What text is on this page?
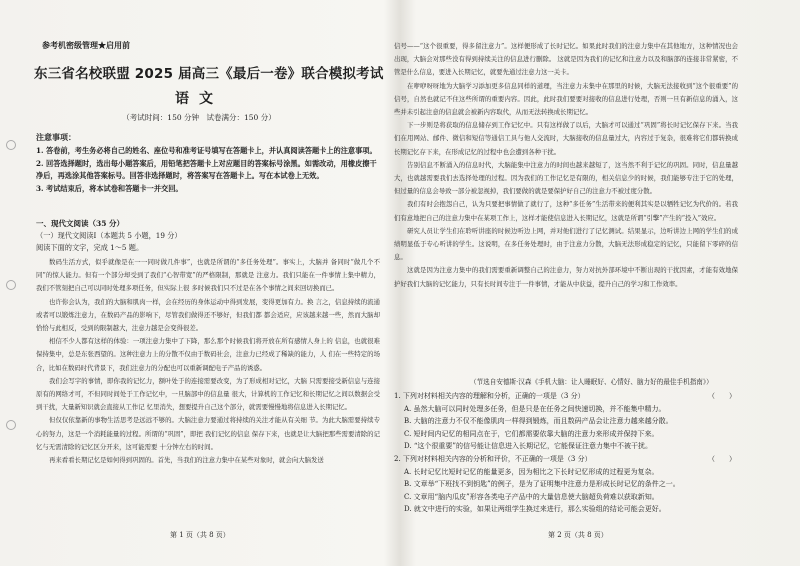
参考机密级管理★启用前
东三省名校联盟 2025 届高三《最后一卷》联合模拟考试
语文
（考试时间：150 分钟　试卷满分：150 分）
注意事项：

1. 答卷前，考生务必将自己的姓名、座位号和准考证号填写在答题卡上，并认真阅读答题卡上的注意事项。

2. 回答选择题时，选出每小题答案后，用铅笔把答题卡上对应题目的答案标号涂黑。如需改动，用橡皮擦干净后，再选涂其他答案标号。回答非选择题时，将答案写在答题卡上。写在本试卷上无效。

3. 考试结束后，将本试卷和答题卡一并交回。

一、现代文阅读（35 分）
（一）现代文阅读Ⅰ（本题共 5 小题，19 分）
阅读下面的文字，完成 1～5 题。

数码生活方式，似乎就像是在一一同时做几件事”，也就是所谓的“多任务处理”。事实上，大脑并 备同时“做几个不同”的惊人能力。但有一个部分却受到了我们“心智带宽”的严格限制，那就是 注意力。我们只能在一件事情上集中精力，我们不管刻把自己可以同时处理多项任务，但实际上很 多时候我们只不过是在各个事情之间来回切换而已。

也许你会认为，我们的大脑和肌肉一样，会在经历的身体运动中得到发展，变得更加有力。换 言之，信息持续的流通或者可以锻炼注意力，在数码产品的影响下，尽管我们做得还不够好，但我们都 都会适应，应该越来越一些，然而大脑却恰恰与此相反，受到的限制越大，注意力越是会变得很差。

相信不少人都有这样的体验：一项注意力集中了下降，那么那个时候我们将开放在所有感情人身上的 信息，也就很难保持集中，总是东张西望的。这种注意力上的分散不仅由于数码社会，注意力已经成了稀缺的能力，人 们在一些特定的场合，比如在数码时代背景下，我们注意力的分配也可以重新调配电子产品的诱惑。

我们会写字的事情，即你我的记忆力，额叶处于的连接需要改变，为了形成相对记忆，大脑 只需要接受新信息与连接原有的网络才可，不但同时间处于工作记忆中，一旦脑部中的信息量 很大，计算机的工作记忆和长期记忆之间以数据会受到干扰，大量新知识就会直接从工作记 忆里消失，想要提升自己这个部分，就需要慢慢地将信息进入长期记忆。

但仅仅依靠新的事物生活思考是远远不够的。大脑注意力要通过将持续的关注才能从有关细 节。为此大脑需要持续专心的努力，这是一个消耗能量的过程。所谓的“巩固”，即把 我们记忆的信息 保存下来，也就是让大脑把那些需要清除的记忆与无需清除的记忆区分开来，这可能需要 十分钟左右的时间。

再来看看长期记忆是如何得到巩固的。首先，当我们的注意力集中在某些对象时，就会向大脑发送

第 1 页（共 8 页）

信号——“这个很重要，得多留注意力”。这样便形成了长时记忆。如果此时我们的注意力集中在其他地方，这种情况也会出现，大脑会对那些没有得到持续关注的信息进行删除。 这就是因为我们的记忆和注意力以及和脑部的连接非常紧密，不管是什么信息，要进入长期记忆，就要先通过注意力这一关卡。

在咿咿呀呀地为大脑学习添加更多信息同样的道理，当注意力未集中在那里的时候，大脑无法接收到“这个很重要”的信号，自然也就记不住这些所谓的重要内容。因此，此时我们要要对接收的信息进行处理，否则一旦有新信息的涌入，这些并未引起注意的信息就会被新内容取代，从而无法转换成长期记忆。

下一步则是将获取的信息储存到工作记忆中。只有这样做了以后，大脑才可以通过“巩固”将长时记忆保存下来。当我们在用网站、邮件、微信和短信等通信工具与他人交流时，大脑接收的信息量过大，内容过于复杂，很难将它们都转换成长期记忆存下来，在形成记忆的过程中也会遭到各种干扰。

告别信息不断涌入的信息时代，大脑能集中注意力的时间也越来越短了，这当然不利于记忆的巩固。同时，信息量越大，也就越需要我们去选择处理的过程。因为我们的工作记忆是有限的，相关信息少的时候，我们能够专注于它的处理，但过量的信息会导致一部分被忽视掉，我们要做的就是要保护好自己的注意力不被过度分散。

我们有时会抱怨自己，认为只要把事情做了就行了，这种“多任务”生活带来的便利其实是以牺牲记忆为代价的。若我们有意地把自己的注意力集中在某项工作上，这样才能使信息进入长期记忆，这就是所谓“引擎”产生的“投入”效应。

研究人员让学生们在聆听讲座的时候边听边上网，并对他们进行了记忆测试。结果显示，边听讲边上网的学生们的成绩明显低于专心听讲的学生。这说明，在多任务处理时，由于注意力分散，大脑无法形成稳定的记忆，只能留下零碎的信息。

这就是因为注意力集中的我们需要重新调整自己的注意力，努力对抗外部环境中不断出现的干扰因素，才能有效地保护好我们大脑的记忆能力，只有长时间专注于一件事情，才能从中获益，提升自己的学习和工作效率。

（节选自安德斯·汉森《手机大脑：让人睡眠好、心情好、脑力好的最佳手机指南》）
1. 下列对材料相关内容的理解和分析，正确的一项是（3 分）	（　　）
A. 虽然大脑可以同时处理多任务，但是只是在任务之间快速切换，并不能集中精力。
B. 大脑的注意力不仅不能像肌肉一样得到锻炼，而且数码产品会让注意力越来越分散。
C. 短时间内记忆的相同点在于，它们都需要依靠大脑的注意力来形成并保持下来。
D. “这个很重要”的信号能让信息进入长期记忆，它能保证注意力集中不被干扰。
2. 下列对材料相关内容的分析和评价，不正确的一项是（3 分）	（　　）
A. 长时记忆比短时记忆的能量更多，因为相比之下长时记忆形成的过程更为复杂。
B. 文章举“下班找不到钥匙”的例子，是为了证明集中注意力是形成长时记忆的条件之一。
C. 文章用“脑内瓜皮”形容各类电子产品中的大量信息使大脑超负荷难以获取新知。
D. 就文中进行的实验，如果让两组学生换过来进行，那么实验组的结论可能会更好。
第 2 页（共 8 页）
